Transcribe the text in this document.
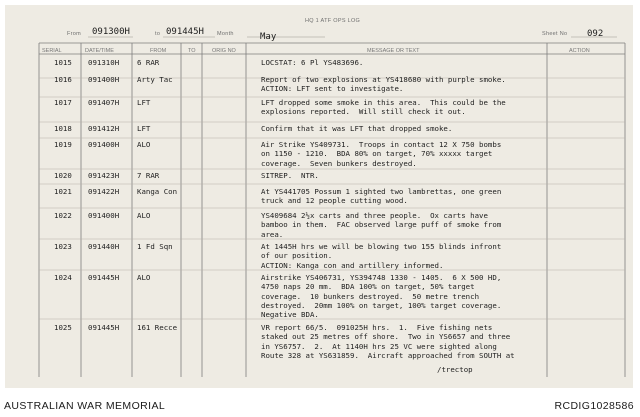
HQ 1 ATF OPS LOG
From 091300H	to 091445H Month	May	Sheet No 092
SERIAL	DATE/TIME	FROM	TO	ORIG NO	MESSAGE OR TEXT	ACTION
1015 091310H 6 RAR	LOCSTAT: 6 Pl YS483696.
1016 091400H Arty Tac	Report of two explosions at YS418680 with purple smoke.
ACTION: LFT sent to investigate.
1017 091407H LFT	LFT dropped some smoke in this area.  This could be the
explosions reported.  Will still check it out.
1018 091412H LFT	Confirm that it was LFT that dropped smoke.
1019 091400H ALO	Air Strike YS409731.  Troops in contact 12 X 750 bombs
on 1150 - 1210.  BDA 80% on target, 70% xxxxx target
coverage.  Seven bunkers destroyed.
1020 091423H 7 RAR	SITREP.  NTR.
1021 091422H Kanga Con	At YS441705 Possum 1 sighted two lambrettas, one green
truck and 12 people cutting wood.
1022 091400H ALO	YS409684 2½x carts and three people.  Ox carts have
bamboo in them.  FAC observed large puff of smoke from
area.
1023 091440H 1 Fd Sqn	At 1445H hrs we will be blowing two 155 blinds infront
of our position.
ACTION: Kanga con and artillery informed.
1024 091445H ALO	Airstrike YS406731, YS394748 1330 - 1405.  6 X 500 HD,
4750 naps 20 mm.  BDA 100% on target, 50% target
coverage.  10 bunkers destroyed.  50 metre trench
destroyed.  20mm 100% on target, 100% target coverage.
Negative BDA.
1025 091445H 161 Recce	VR report 66/5.  091025H hrs.  1.  Five fishing nets
staked out 25 metres off shore.  Two in YS6657 and three
in YS6757.  2.  At 1140H hrs 25 VC were sighted along
Route 328 at YS631859.  Aircraft approached from SOUTH at
/trectop
AUSTRALIAN WAR MEMORIAL	RCDIG1028586
